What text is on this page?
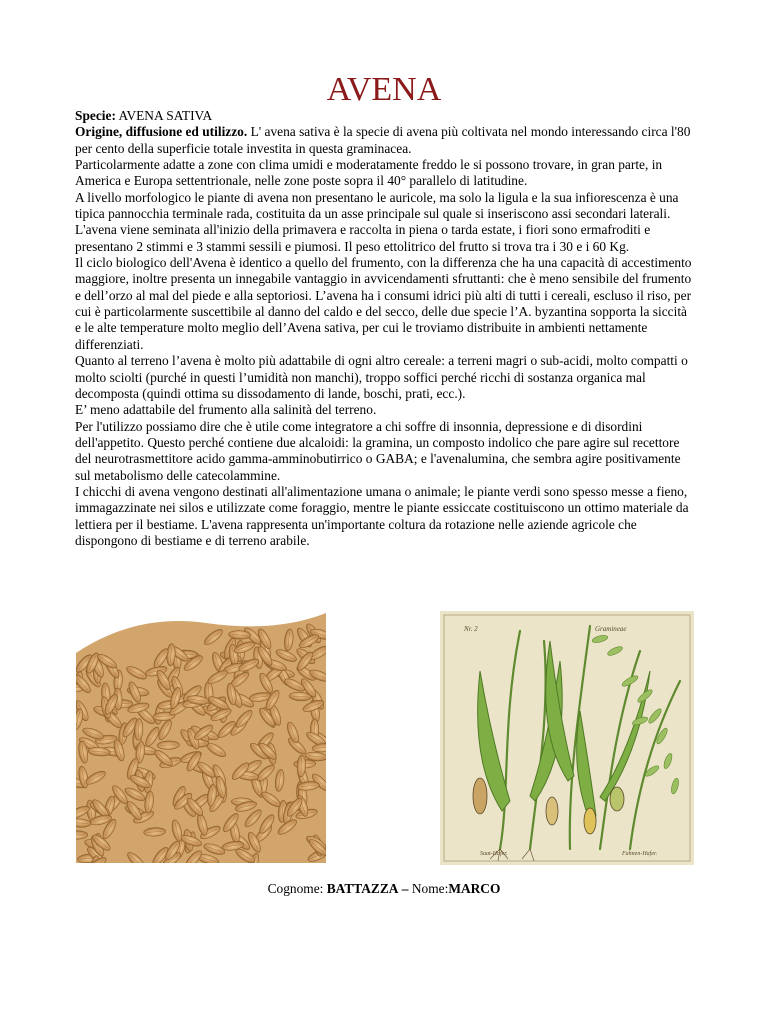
AVENA

Specie: AVENA SATIVA

Origine, diffusione ed utilizzo. L' avena sativa è la specie di avena più coltivata nel mondo interessando circa l'80 per cento della superficie totale investita in questa graminacea.

Particolarmente adatte a zone con clima umidi e moderatamente freddo le si possono trovare, in gran parte, in America e Europa settentrionale, nelle zone poste sopra il 40° parallelo di latitudine.

A livello morfologico le piante di avena non presentano le auricole, ma solo la ligula e la sua infiorescenza è una tipica pannocchia terminale rada, costituita da un asse principale sul quale si inseriscono assi secondari laterali. L'avena viene seminata all'inizio della primavera e raccolta in piena o tarda estate, i fiori sono ermafroditi e presentano 2 stimmi e 3 stammi sessili e piumosi. Il peso ettolitrico del frutto si trova tra i 30 e i 60 Kg.

Il ciclo biologico dell'Avena è identico a quello del frumento, con la differenza che ha una capacità di accestimento maggiore, inoltre presenta un innegabile vantaggio in avvicendamenti sfruttanti: che è meno sensibile del frumento e dell’orzo al mal del piede e alla septoriosi. L’avena ha i consumi idrici più alti di tutti i cereali, escluso il riso, per cui è particolarmente suscettibile al danno del caldo e del secco, delle due specie l’A. byzantina sopporta la siccità e le alte temperature molto meglio dell’Avena sativa, per cui le troviamo distribuite in ambienti nettamente differenziati.

Quanto al terreno l’avena è molto più adattabile di ogni altro cereale: a terreni magri o sub-acidi, molto compatti o molto sciolti (purché in questi l’umidità non manchi), troppo soffici perché ricchi di sostanza organica mal decomposta (quindi ottima su dissodamento di lande, boschi, prati, ecc.).

E’ meno adattabile del frumento alla salinità del terreno.

Per l'utilizzo possiamo dire che è utile come integratore a chi soffre di insonnia, depressione e di disordini dell'appetito. Questo perché contiene due alcaloidi: la gramina, un composto indolico che pare agire sul recettore del neurotrasmettitore acido gamma-amminobutirrico o GABA; e l'avenalumina, che sembra agire positivamente sul metabolismo delle catecolammine.

I chicchi di avena vengono destinati all'alimentazione umana o animale; le piante verdi sono spesso messe a fieno, immagazzinate nei silos e utilizzate come foraggio, mentre le piante essiccate costituiscono un ottimo materiale da lettiera per il bestiame. L'avena rappresenta un'importante coltura da rotazione nelle aziende agricole che dispongono di bestiame e di terreno arabile.

Nr. 2	Gramineae
Saat-Hafer.	Fahnen-Hafer.
Cognome: BATTAZZA – Nome:MARCO
